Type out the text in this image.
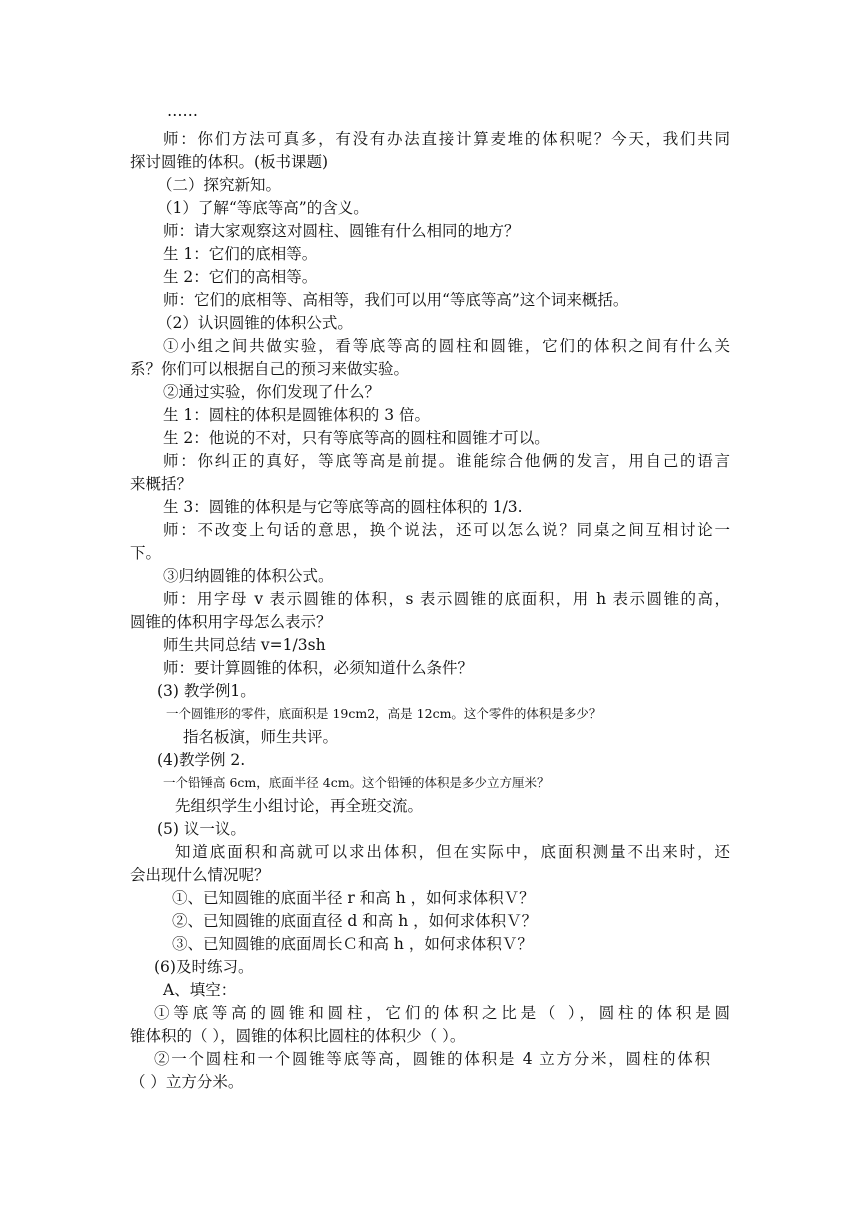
……
师：你们方法可真多，有没有办法直接计算麦堆的体积呢？今天，我们共同
探讨圆锥的体积。(板书课题)
（二）探究新知。
（1）了解“等底等高”的含义。
师：请大家观察这对圆柱、圆锥有什么相同的地方？
生 1：它们的底相等。
生 2：它们的高相等。
师：它们的底相等、高相等，我们可以用“等底等高”这个词来概括。
（2）认识圆锥的体积公式。
①小组之间共做实验，看等底等高的圆柱和圆锥，它们的体积之间有什么关
系？你们可以根据自己的预习来做实验。
②通过实验，你们发现了什么？
生 1：圆柱的体积是圆锥体积的 3 倍。
生 2：他说的不对，只有等底等高的圆柱和圆锥才可以。
师：你纠正的真好，等底等高是前提。谁能综合他俩的发言，用自己的语言
来概括？
生 3：圆锥的体积是与它等底等高的圆柱体积的 1/3.
师：不改变上句话的意思，换个说法，还可以怎么说？同桌之间互相讨论一
下。
③归纳圆锥的体积公式。
师：用字母 v 表示圆锥的体积，s 表示圆锥的底面积，用 h 表示圆锥的高，
圆锥的体积用字母怎么表示？
师生共同总结 v=1/3sh
师：要计算圆锥的体积，必须知道什么条件？
(3) 教学例1。
一个圆锥形的零件，底面积是 19cm2，高是 12cm。这个零件的体积是多少？
指名板演，师生共评。
(4)教学例 2.
一个铅锤高 6cm，底面半径 4cm。这个铅锤的体积是多少立方厘米？
先组织学生小组讨论，再全班交流。
(5) 议一议。
知道底面积和高就可以求出体积，但在实际中，底面积测量不出来时，还
会出现什么情况呢？
①、已知圆锥的底面半径 r 和高 h ，如何求体积Ｖ？
②、已知圆锥的底面直径 d 和高 h ，如何求体积Ｖ？
③、已知圆锥的底面周长Ｃ和高 h ，如何求体积Ｖ？
(6)及时练习。
A、填空：
①等底等高的圆锥和圆柱，它们的体积之比是（ ），圆柱的体积是圆
锥体积的（ ），圆锥的体积比圆柱的体积少（ ）。
②一个圆柱和一个圆锥等底等高，圆锥的体积是 4 立方分米，圆柱的体积
（ ）立方分米。
